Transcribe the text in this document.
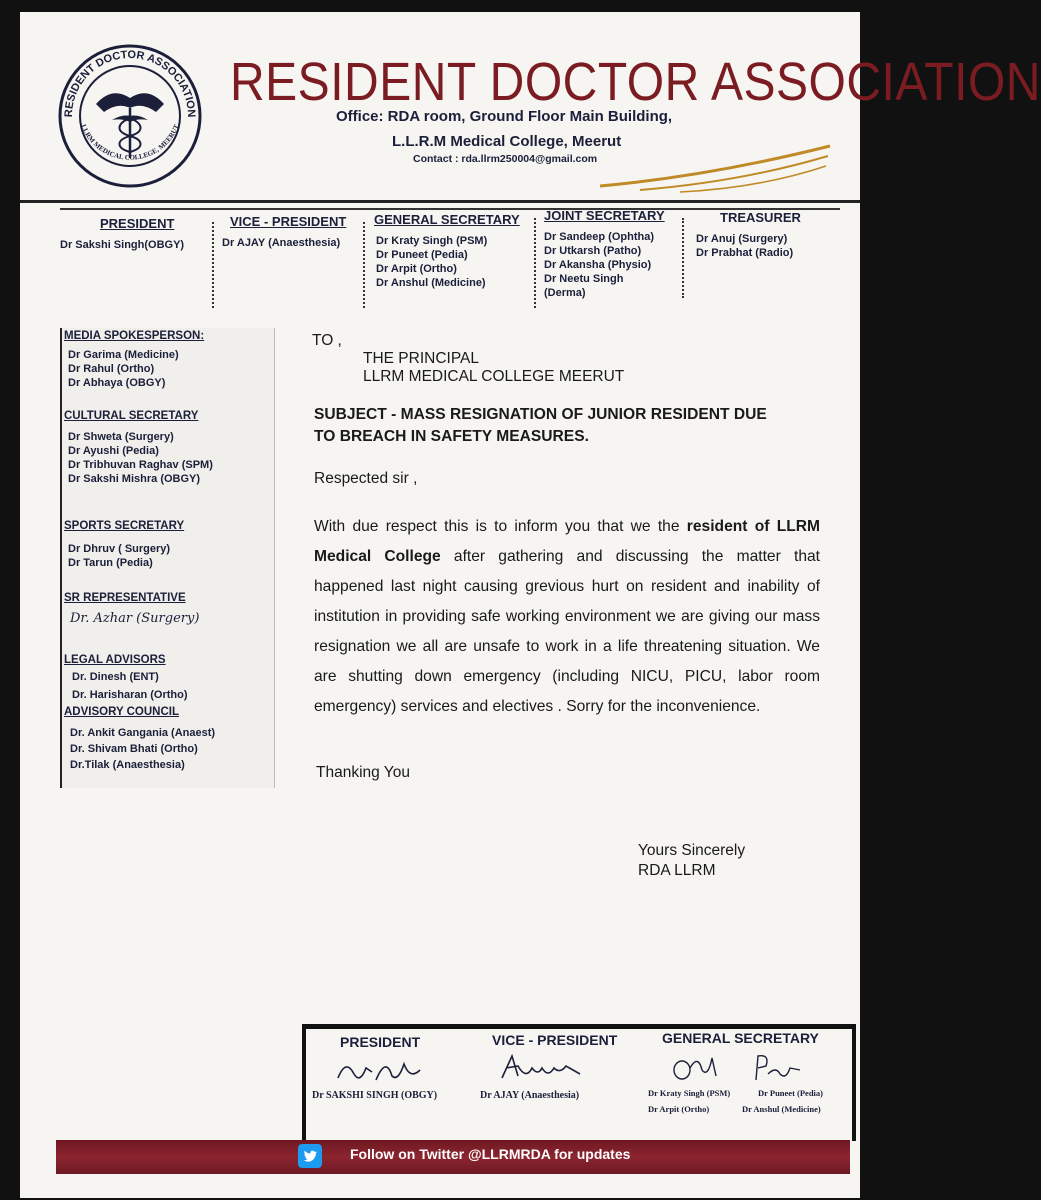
RESIDENT DOCTOR ASSOCIATION
LLRM MEDICAL COLLEGE, MEERUT
RESIDENT DOCTOR ASSOCIATION
Office: RDA room, Ground Floor Main Building,
L.L.R.M Medical College, Meerut
Contact : rda.llrm250004@gmail.com
PRESIDENT
Dr Sakshi Singh(OBGY)
VICE - PRESIDENT
Dr AJAY (Anaesthesia)
GENERAL SECRETARY
Dr Kraty Singh (PSM)
Dr Puneet (Pedia)
Dr Arpit (Ortho)
Dr Anshul (Medicine)
JOINT SECRETARY
Dr Sandeep (Ophtha)
Dr Utkarsh (Patho)
Dr Akansha (Physio)
Dr Neetu Singh
(Derma)
TREASURER
Dr Anuj (Surgery)
Dr Prabhat (Radio)
MEDIA SPOKESPERSON:
Dr Garima (Medicine)
Dr Rahul (Ortho)
Dr Abhaya (OBGY)
CULTURAL SECRETARY
Dr Shweta (Surgery)
Dr Ayushi (Pedia)
Dr Tribhuvan Raghav (SPM)
Dr Sakshi Mishra (OBGY)
SPORTS SECRETARY
Dr Dhruv ( Surgery)
Dr Tarun (Pedia)
SR REPRESENTATIVE
Dr. Azhar (Surgery)
LEGAL ADVISORS
Dr. Dinesh (ENT)
Dr. Harisharan (Ortho)
ADVISORY COUNCIL
Dr. Ankit Gangania (Anaest)
Dr. Shivam Bhati (Ortho)
Dr.Tilak (Anaesthesia)
TO ,
THE PRINCIPAL
LLRM MEDICAL COLLEGE MEERUT
SUBJECT - MASS RESIGNATION OF JUNIOR RESIDENT DUE
TO BREACH IN SAFETY MEASURES.
Respected sir ,
With due respect this is to inform you that we the resident of LLRM Medical College after gathering and discussing the matter that happened last night causing grevious hurt on resident and inability of institution in providing safe working environment we are giving our mass resignation we all are unsafe to work in a life threatening situation. We are shutting down emergency (including NICU, PICU, labor room emergency) services and electives . Sorry for the inconvenience.
Thanking You
Yours Sincerely
RDA LLRM
PRESIDENT
Dr SAKSHI SINGH (OBGY)
VICE - PRESIDENT
Dr AJAY (Anaesthesia)
GENERAL SECRETARY
Dr Kraty Singh (PSM)	Dr Puneet (Pedia)
Dr Arpit (Ortho)	Dr Anshul (Medicine)
Follow on Twitter @LLRMRDA for updates
